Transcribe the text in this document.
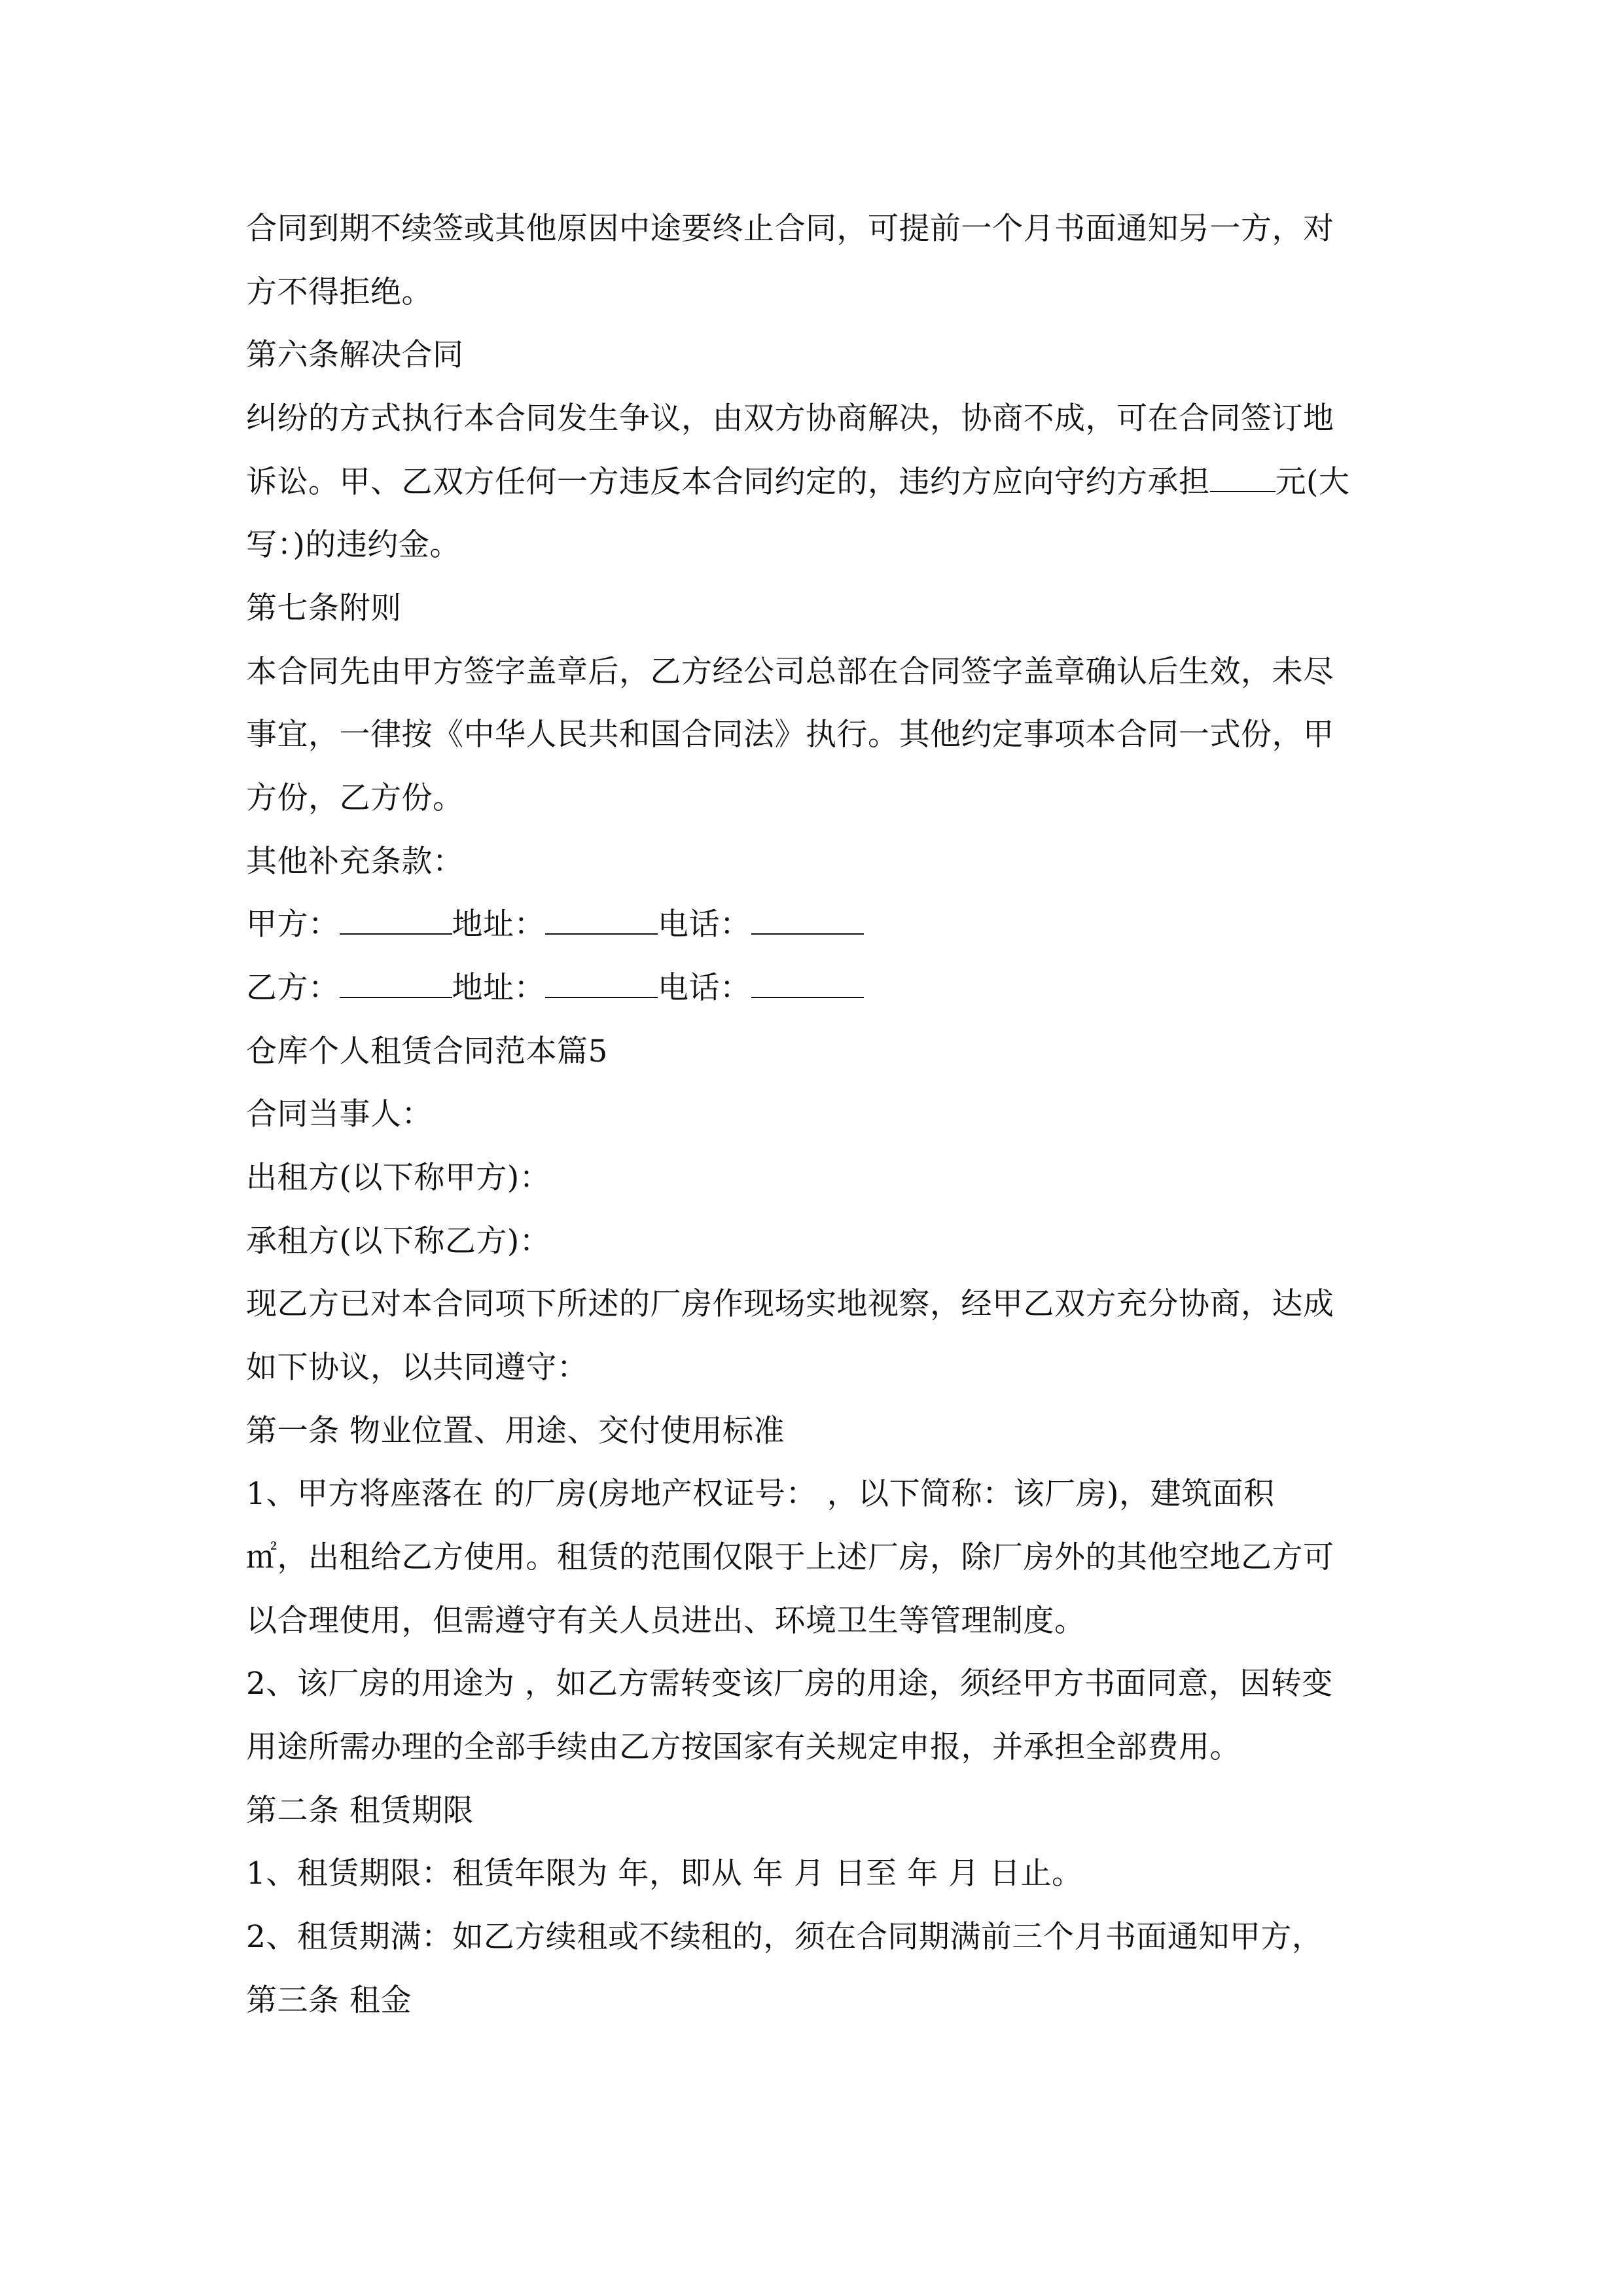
合同到期不续签或其他原因中途要终止合同，可提前一个月书面通知另一方，对
方不得拒绝。
第六条解决合同
纠纷的方式执行本合同发生争议，由双方协商解决，协商不成，可在合同签订地
诉讼。甲、乙双方任何一方违反本合同约定的，违约方应向守约方承担 元(大
写：)的违约金。
第七条附则
本合同先由甲方签字盖章后，乙方经公司总部在合同签字盖章确认后生效，未尽
事宜，一律按《中华人民共和国合同法》执行。其他约定事项本合同一式份，甲
方份，乙方份。
其他补充条款：
甲方：	地址：	电话：
乙方：	地址：	电话：
仓库个人租赁合同范本篇5
合同当事人：
出租方(以下称甲方)：
承租方(以下称乙方)：
现乙方已对本合同项下所述的厂房作现场实地视察，经甲乙双方充分协商，达成
如下协议，以共同遵守：
第一条 物业位置、用途、交付使用标准
1、甲方将座落在 的厂房(房地产权证号： ，以下简称：该厂房)，建筑面积
㎡，出租给乙方使用。租赁的范围仅限于上述厂房，除厂房外的其他空地乙方可
以合理使用，但需遵守有关人员进出、环境卫生等管理制度。
2、该厂房的用途为 ，如乙方需转变该厂房的用途，须经甲方书面同意，因转变
用途所需办理的全部手续由乙方按国家有关规定申报，并承担全部费用。
第二条 租赁期限
1、租赁期限：租赁年限为 年，即从 年 月 日至 年 月 日止。
2、租赁期满：如乙方续租或不续租的，须在合同期满前三个月书面通知甲方，
第三条 租金
